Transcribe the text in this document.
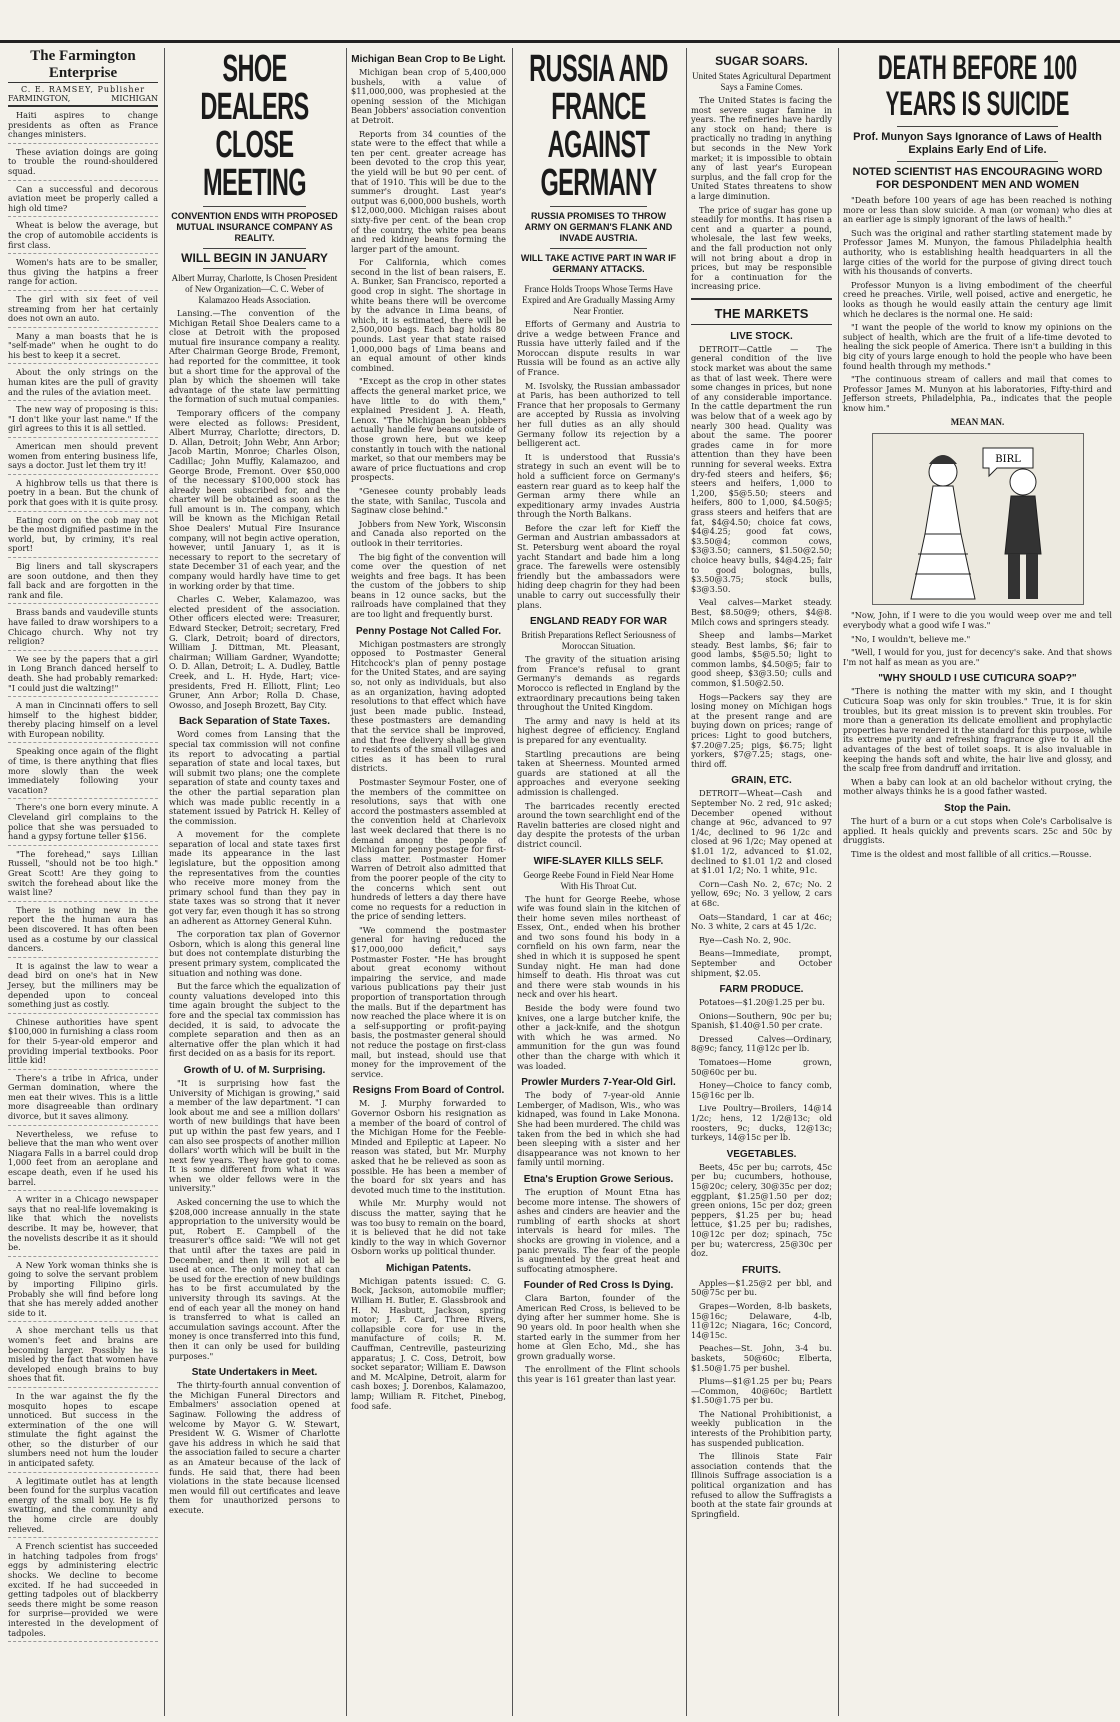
The Farmington Enterprise
C. E. RAMSEY, Publisher
FARMINGTON,	MICHIGAN

Haiti aspires to change presidents as often as France changes ministers.

These aviation doings are going to trouble the round-shouldered squad.

Can a successful and decorous aviation meet be properly called a high old time?

Wheat is below the average, but the crop of automobile accidents is first class.

Women's hats are to be smaller, thus giving the hatpins a freer range for action.

The girl with six feet of veil streaming from her hat certainly does not own an auto.

Many a man boasts that he is "self-made" when he ought to do his best to keep it a secret.

About the only strings on the human kites are the pull of gravity and the rules of the aviation meet.

The new way of proposing is this: "I don't like your last name." If the girl agrees to this it is all settled.

American men should prevent women from entering business life, says a doctor. Just let them try it!

A highbrow tells us that there is poetry in a bean. But the chunk of pork that goes with it is quite prosy.

Eating corn on the cob may not be the most dignified pastime in the world, but, by criminy, it's real sport!

Big liners and tall skyscrapers are soon outdone, and then they fall back and are forgotten in the rank and file.

Brass bands and vaudeville stunts have failed to draw worshipers to a Chicago church. Why not try religion?

We see by the papers that a girl in Long Branch danced herself to death. She had probably remarked: "I could just die waltzing!"

A man in Cincinnati offers to sell himself to the highest bidder, thereby placing himself on a level with European nobility.

Speaking once again of the flight of time, is there anything that flies more slowly than the week immediately following your vacation?

There's one born every minute. A Cleveland girl complains to the police that she was persuaded to hand a gypsy fortune teller $156.

"The forehead," says Lillian Russell, "should not be too high." Great Scott! Are they going to switch the forehead about like the waist line?

There is nothing new in the report the the human aura has been discovered. It has often been used as a costume by our classical dancers.

It is against the law to wear a dead bird on one's hat in New Jersey, but the milliners may be depended upon to conceal something just as costly.

Chinese authorities have spent $100,000 in furnishing a class room for their 5-year-old emperor and providing imperial textbooks. Poor little kid!

There's a tribe in Africa, under German domination, where the men eat their wives. This is a little more disagreeable than ordinary divorce, but it saves alimony.

Nevertheless, we refuse to believe that the man who went over Niagara Falls in a barrel could drop 1,000 feet from an aeroplane and escape death, even if he used his barrel.

A writer in a Chicago newspaper says that no real-life lovemaking is like that which the novelists describe. It may be, however, that the novelists describe it as it should be.

A New York woman thinks she is going to solve the servant problem by importing Filipino girls. Probably she will find before long that she has merely added another side to it.

A shoe merchant tells us that women's feet and brains are becoming larger. Possibly he is misled by the fact that women have developed enough brains to buy shoes that fit.

In the war against the fly the mosquito hopes to escape unnoticed. But success in the extermination of the one will stimulate the fight against the other, so the disturber of our slumbers need not hum the louder in anticipated safety.

A legitimate outlet has at length been found for the surplus vacation energy of the small boy. He is fly swatting, and the community and the home circle are doubly relieved.

A French scientist has succeeded in hatching tadpoles from frogs' eggs by administering electric shocks. We decline to become excited. If he had succeeded in getting tadpoles out of blackberry seeds there might be some reason for surprise—provided we were interested in the development of tadpoles.

SHOE DEALERS CLOSE MEETING
CONVENTION ENDS WITH PROPOSED MUTUAL INSURANCE COMPANY AS REALITY.
WILL BEGIN IN JANUARY
Albert Murray, Charlotte, Is Chosen President of New Organization—C. C. Weber of Kalamazoo Heads Association.

Lansing.—The convention of the Michigan Retail Shoe Dealers came to a close at Detroit with the proposed mutual fire insurance company a reality. After Chairman George Brode, Fremont, had reported for the committee, it took but a short time for the approval of the plan by which the shoemen will take advantage of the state law permitting the formation of such mutual companies.

Temporary officers of the company were elected as follows: President, Albert Murray, Charlotte; directors, D. D. Allan, Detroit; John Webr, Ann Arbor; Jacob Martin, Monroe; Charles Olson, Cadillac; John Muffly, Kalamazoo, and George Brode, Fremont. Over $50,000 of the necessary $100,000 stock has already been subscribed for, and the charter will be obtained as soon as the full amount is in. The company, which will be known as the Michigan Retail Shoe Dealers' Mutual Fire Insurance company, will not begin active operation, however, until January 1, as it is necessary to report to the secretary of state December 31 of each year, and the company would hardly have time to get in working order by that time.

Charles C. Weber, Kalamazoo, was elected president of the association. Other officers elected were: Treasurer, Edward Stecker, Detroit; secretary, Fred G. Clark, Detroit; board of directors, William J. Dittman, Mt. Pleasant, chairman; William Gardner, Wyandotte; O. D. Allan, Detroit; L. A. Dudley, Battle Creek, and L. H. Hyde, Hart; vice-presidents, Fred H. Elliott, Flint; Leo Gruner, Ann Arbor; Rolla D. Chase, Owosso, and Joseph Brozett, Bay City.

Back Separation of State Taxes.

Word comes from Lansing that the special tax commission will not confine its report to advocating a partial separation of state and local taxes, but will submit two plans; one the complete separation of state and county taxes and the other the partial separation plan which was made public recently in a statement issued by Patrick H. Kelley of the commission.

A movement for the complete separation of local and state taxes first made its appearance in the last legislature, but the opposition among the representatives from the counties who receive more money from the primary school fund than they pay in state taxes was so strong that it never got very far, even though it has so strong an adherent as Attorney General Kuhn.

The corporation tax plan of Governor Osborn, which is along this general line but does not contemplate disturbing the present primary system, complicated the situation and nothing was done.

But the farce which the equalization of county valuations developed into this time again brought the subject to the fore and the special tax commission has decided, it is said, to advocate the complete separation and then as an alternative offer the plan which it had first decided on as a basis for its report.

Growth of U. of M. Surprising.

"It is surprising how fast the University of Michigan is growing," said a member of the law department. "I can look about me and see a million dollars' worth of new buildings that have been put up within the past few years, and I can also see prospects of another million dollars' worth which will be built in the next few years. They have got to come. It is some different from what it was when we older fellows were in the university."

Asked concerning the use to which the $208,000 increase annually in the state appropriation to the university would be put, Robert E. Campbell of the treasurer's office said: "We will not get that until after the taxes are paid in December, and then it will not all be used at once. The only money that can be used for the erection of new buildings has to be first accumulated by the university through its savings. At the end of each year all the money on hand is transferred to what is called an accumulation savings account. After the money is once transferred into this fund, then it can only be used for building purposes."

State Undertakers in Meet.

The thirty-fourth annual convention of the Michigan Funeral Directors and Embalmers' association opened at Saginaw. Following the address of welcome by Mayor G. W. Stewart, President W. G. Wismer of Charlotte gave his address in which he said that the association failed to secure a charter as an Amateur because of the lack of funds. He said that, there had been violations in the state because licensed men would fill out certificates and leave them for unauthorized persons to execute.

Michigan Bean Crop to Be Light.

Michigan bean crop of 5,400,000 bushels, with a value of $11,000,000, was prophesied at the opening session of the Michigan Bean Jobbers' association convention at Detroit.

Reports from 34 counties of the state were to the effect that while a ten per cent. greater acreage has been devoted to the crop this year, the yield will be but 90 per cent. of that of 1910. This will be due to the summer's drought. Last year's output was 6,000,000 bushels, worth $12,000,000. Michigan raises about sixty-five per cent. of the bean crop of the country, the white pea beans and red kidney beans forming the larger part of the amount.

For California, which comes second in the list of bean raisers, E. A. Bunker, San Francisco, reported a good crop in sight. The shortage in white beans there will be overcome by the advance in Lima beans, of which, it is estimated, there will be 2,500,000 bags. Each bag holds 80 pounds. Last year that state raised 1,000,000 bags of Lima beans and an equal amount of other kinds combined.

"Except as the crop in other states affects the general market price, we have little to do with them," explained President J. A. Heath, Lenox. "The Michigan bean jobbers actually handle few beans outside of those grown here, but we keep constantly in touch with the national market, so that our members may be aware of price fluctuations and crop prospects.

"Genesee county probably leads the state, with Sanilac, Tuscola and Saginaw close behind."

Jobbers from New York, Wisconsin and Canada also reported on the outlook in their territories.

The big fight of the convention will come over the question of net weights and free bags. It has been the custom of the jobbers to ship beans in 12 ounce sacks, but the railroads have complained that they are too light and frequently burst.

Penny Postage Not Called For.

Michigan postmasters are strongly opposed to Postmaster General Hitchcock's plan of penny postage for the United States, and are saying so, not only as individuals, but also as an organization, having adopted resolutions to that effect which have just been made public. Instead, these postmasters are demanding that the service shall be improved, and that free delivery shall be given to residents of the small villages and cities as it has been to rural districts.

Postmaster Seymour Foster, one of the members of the committee on resolutions, says that with one accord the postmasters assembled at the convention held at Charlevoix last week declared that there is no demand among the people of Michigan for penny postage for first-class matter. Postmaster Homer Warren of Detroit also admitted that from the poorer people of the city to the concerns which sent out hundreds of letters a day there have come no requests for a reduction in the price of sending letters.

"We commend the postmaster general for having reduced the $17,000,000 deficit," says Postmaster Foster. "He has brought about great economy without impairing the service, and made various publications pay their just proportion of transportation through the mails. But if the department has now reached the place where it is on a self-supporting or profit-paying basis, the postmaster general should not reduce the postage on first-class mail, but instead, should use that money for the improvement of the service.

Resigns From Board of Control.

M. J. Murphy forwarded to Governor Osborn his resignation as a member of the board of control of the Michigan Home for the Feeble-Minded and Epileptic at Lapeer. No reason was stated, but Mr. Murphy asked that he be relieved as soon as possible. He has been a member of the board for six years and has devoted much time to the institution.

While Mr. Murphy would not discuss the matter, saying that he was too busy to remain on the board, it is believed that he did not take kindly to the way in which Governor Osborn works up political thunder.

Michigan Patents.

Michigan patents issued: C. G. Bock, Jackson, automobile muffler; William H. Butler, E. Glassbrook and H. N. Hasbutt, Jackson, spring motor; J. F. Card, Three Rivers, collapsible core for use in the manufacture of coils; R. M. Cauffman, Centreville, pasteurizing apparatus; J. C. Coss, Detroit, bow socket separator; William E. Dawson and M. McAlpine, Detroit, alarm for cash boxes; J. Dorenbos, Kalamazoo, lamp; William R. Fitchet, Pinebog, food safe.

RUSSIA AND FRANCE AGAINST GERMANY
RUSSIA PROMISES TO THROW ARMY ON GERMAN'S FLANK AND INVADE AUSTRIA.
WILL TAKE ACTIVE PART IN WAR IF GERMANY ATTACKS.
France Holds Troops Whose Terms Have Expired and Are Gradually Massing Army Near Frontier.

Efforts of Germany and Austria to drive a wedge between France and Russia have utterly failed and if the Moroccan dispute results in war Russia will be found as an active ally of France.

M. Isvolsky, the Russian ambassador at Paris, has been authorized to tell France that her proposals to Germany are accepted by Russia as involving her full duties as an ally should Germany follow its rejection by a belligerent act.

It is understood that Russia's strategy in such an event will be to hold a sufficient force on Germany's eastern rear guard as to keep half the German army there while an expeditionary army invades Austria through the North Balkans.

Before the czar left for Kieff the German and Austrian ambassadors at St. Petersburg went aboard the royal yacht Standart and bade him a long grace. The farewells were ostensibly friendly but the ambassadors were hiding deep chagrin for they had been unable to carry out successfully their plans.

ENGLAND READY FOR WAR
British Preparations Reflect Seriousness of Moroccan Situation.

The gravity of the situation arising from France's refusal to grant Germany's demands as regards Morocco is reflected in England by the extraordinary precautions being taken throughout the United Kingdom.

The army and navy is held at its highest degree of efficiency. England is prepared for any eventuality.

Startling precautions are being taken at Sheerness. Mounted armed guards are stationed at all the approaches and everyone seeking admission is challenged.

The barricades recently erected around the town searchlight end of the Ravelin batteries are closed night and day despite the protests of the urban district council.

WIFE-SLAYER KILLS SELF.
George Reebe Found in Field Near Home With His Throat Cut.

The hunt for George Reebe, whose wife was found slain in the kitchen of their home seven miles northeast of Essex, Ont., ended when his brother and two sons found his body in a cornfield on his own farm, near the shed in which it is supposed he spent Sunday night. He man had done himself to death. His throat was cut and there were stab wounds in his neck and over his heart.

Beside the body were found two knives, one a large butcher knife, the other a jack-knife, and the shotgun with which he was armed. No ammunition for the gun was found other than the charge with which it was loaded.

Prowler Murders 7-Year-Old Girl.

The body of 7-year-old Annie Lemberger, of Madison, Wis., who was kidnaped, was found in Lake Monona. She had been murdered. The child was taken from the bed in which she had been sleeping with a sister and her disappearance was not known to her family until morning.

Etna's Eruption Growe Serious.

The eruption of Mount Etna has become more intense. The showers of ashes and cinders are heavier and the rumbling of earth shocks at short intervals is heard for miles. The shocks are growing in violence, and a panic prevails. The fear of the people is augmented by the great heat and suffocating atmosphere.

Founder of Red Cross Is Dying.

Clara Barton, founder of the American Red Cross, is believed to be dying after her summer home. She is 90 years old. In poor health when she started early in the summer from her home at Glen Echo, Md., she has grown gradually worse.

The enrollment of the Flint schools this year is 161 greater than last year.

SUGAR SOARS.
United States Agricultural Department Says a Famine Comes.

The United States is facing the most severe sugar famine in years. The refineries have hardly any stock on hand; there is practically no trading in anything but seconds in the New York market; it is impossible to obtain any of last year's European surplus, and the fall crop for the United States threatens to show a large diminution.

The price of sugar has gone up steadily for months. It has risen a cent and a quarter a pound, wholesale, the last few weeks, and the fall production not only will not bring about a drop in prices, but may be responsible for a continuation for the increasing price.

THE MARKETS
LIVE STOCK.

DETROIT—Cattle — The general condition of the live stock market was about the same as that of last week. There were some changes in prices, but none of any considerable importance. In the cattle department the run was below that of a week ago by nearly 300 head. Quality was about the same. The poorer grades came in for more attention than they have been running for several weeks. Extra dry-fed steers and heifers, $6; steers and heifers, 1,000 to 1,200, $5@5.50; steers and heifers, 800 to 1,000, $4.50@5; grass steers and heifers that are fat, $4@4.50; choice fat cows, $4@4.25; good fat cows, $3.50@4; common cows, $3@3.50; canners, $1.50@2.50; choice heavy bulls, $4@4.25; fair to good bolognas, bulls, $3.50@3.75; stock bulls, $3@3.50.

Veal calves—Market steady. Best, $8.50@9; others, $4@8. Milch cows and springers steady.

Sheep and lambs—Market steady. Best lambs, $6; fair to good lambs, $5@5.50; light to common lambs, $4.50@5; fair to good sheep, $3@3.50; culls and common, $1.50@2.50.

Hogs—Packers say they are losing money on Michigan hogs at the present range and are buying down on prices; range of prices: Light to good butchers, $7.20@7.25; pigs, $6.75; light yorkers, $7@7.25; stags, one-third off.

GRAIN, ETC.

DETROIT—Wheat—Cash and September No. 2 red, 91c asked; December opened without change at 96c, advanced to 97 1/4c, declined to 96 1/2c and closed at 96 1/2c; May opened at $1.01 1/2, advanced to $1.02, declined to $1.01 1/2 and closed at $1.01 1/2; No. 1 white, 91c.

Corn—Cash No. 2, 67c; No. 2 yellow, 69c; No. 3 yellow, 2 cars at 68c.

Oats—Standard, 1 car at 46c; No. 3 white, 2 cars at 45 1/2c.

Rye—Cash No. 2, 90c.

Beans—Immediate, prompt, September and October shipment, $2.05.

FARM PRODUCE.

Potatoes—$1.20@1.25 per bu.

Onions—Southern, 90c per bu; Spanish, $1.40@1.50 per crate.

Dressed Calves—Ordinary, 8@9c; fancy, 11@12c per lb.

Tomatoes—Home grown, 50@60c per bu.

Honey—Choice to fancy comb, 15@16c per lb.

Live Poultry—Broilers, 14@14 1/2c; hens, 12 1/2@13c; old roosters, 9c; ducks, 12@13c; turkeys, 14@15c per lb.

VEGETABLES.

Beets, 45c per bu; carrots, 45c per bu; cucumbers, hothouse, 15@20c; celery, 30@35c per doz; eggplant, $1.25@1.50 per doz; green onions, 15c per doz; green peppers, $1.25 per bu; head lettuce, $1.25 per bu; radishes, 10@12c per doz; spinach, 75c per bu; watercress, 25@30c per doz.

FRUITS.

Apples—$1.25@2 per bbl, and 50@75c per bu.

Grapes—Worden, 8-lb baskets, 15@16c; Delaware, 4-lb, 11@12c; Niagara, 16c; Concord, 14@15c.

Peaches—St. John, 3-4 bu. baskets, 50@60c; Elberta, $1.50@1.75 per bushel.

Plums—$1@1.25 per bu; Pears—Common, 40@60c; Bartlett $1.50@1.75 per bu.

The National Prohibitionist, a weekly publication in the interests of the Prohibition party, has suspended publication.

The Illinois State Fair association contends that the Illinois Suffrage association is a political organization and has refused to allow the Suffragists a booth at the state fair grounds at Springfield.

DEATH BEFORE 100 YEARS IS SUICIDE
Prof. Munyon Says Ignorance of Laws of Health Explains Early End of Life.
NOTED SCIENTIST HAS ENCOURAGING WORD FOR DESPONDENT MEN AND WOMEN

"Death before 100 years of age has been reached is nothing more or less than slow suicide. A man (or woman) who dies at an earlier age is simply ignorant of the laws of health."

Such was the original and rather startling statement made by Professor James M. Munyon, the famous Philadelphia health authority, who is establishing health headquarters in all the large cities of the world for the purpose of giving direct touch with his thousands of converts.

Professor Munyon is a living embodiment of the cheerful creed he preaches. Virile, well poised, active and energetic, he looks as though he would easily attain the century age limit which he declares is the normal one. He said:

"I want the people of the world to know my opinions on the subject of health, which are the fruit of a life-time devoted to healing the sick people of America. There isn't a building in this big city of yours large enough to hold the people who have been found health through my methods."

"The continuous stream of callers and mail that comes to Professor James M. Munyon at his laboratories, Fifty-third and Jefferson streets, Philadelphia, Pa., indicates that the people know him."

MEAN MAN.
BIRL

"Now, John, if I were to die you would weep over me and tell everybody what a good wife I was."

"No, I wouldn't, believe me."

"Well, I would for you, just for decency's sake. And that shows I'm not half as mean as you are."

"WHY SHOULD I USE CUTICURA SOAP?"

"There is nothing the matter with my skin, and I thought Cuticura Soap was only for skin troubles." True, it is for skin troubles, but its great mission is to prevent skin troubles. For more than a generation its delicate emollient and prophylactic properties have rendered it the standard for this purpose, while its extreme purity and refreshing fragrance give to it all the advantages of the best of toilet soaps. It is also invaluable in keeping the hands soft and white, the hair live and glossy, and the scalp free from dandruff and irritation.

When a baby can look at an old bachelor without crying, the mother always thinks he is a good father wasted.

Stop the Pain.

The hurt of a burn or a cut stops when Cole's Carbolisalve is applied. It heals quickly and prevents scars. 25c and 50c by druggists.

Time is the oldest and most fallible of all critics.—Rousse.
